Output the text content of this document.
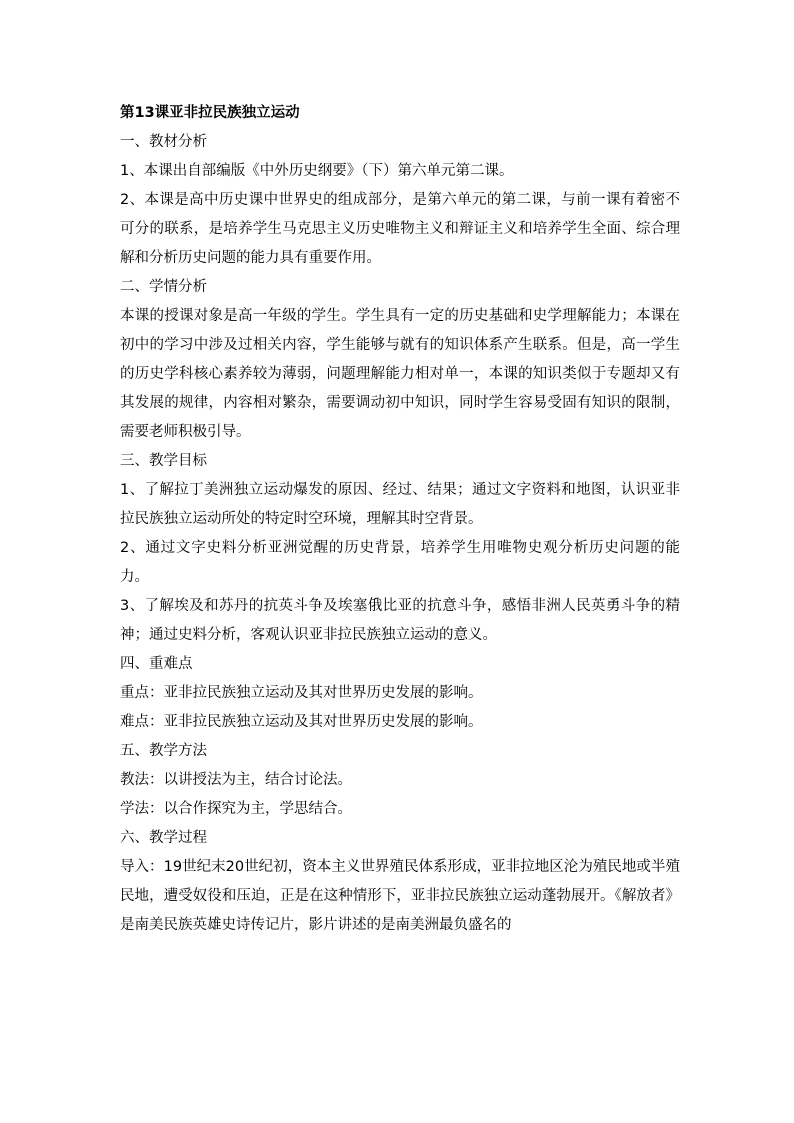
第13课亚非拉民族独立运动

一、教材分析

1、本课出自部编版《中外历史纲要》（下）第六单元第二课。

2、本课是高中历史课中世界史的组成部分，是第六单元的第二课，与前一课有着密不可分的联系，是培养学生马克思主义历史唯物主义和辩证主义和培养学生全面、综合理解和分析历史问题的能力具有重要作用。

二、学情分析

本课的授课对象是高一年级的学生。学生具有一定的历史基础和史学理解能力；本课在初中的学习中涉及过相关内容，学生能够与就有的知识体系产生联系。但是，高一学生的历史学科核心素养较为薄弱，问题理解能力相对单一，本课的知识类似于专题却又有其发展的规律，内容相对繁杂，需要调动初中知识，同时学生容易受固有知识的限制，需要老师积极引导。

三、教学目标

1、了解拉丁美洲独立运动爆发的原因、经过、结果；通过文字资料和地图，认识亚非拉民族独立运动所处的特定时空环境，理解其时空背景。

2、通过文字史料分析亚洲觉醒的历史背景，培养学生用唯物史观分析历史问题的能力。

3、了解埃及和苏丹的抗英斗争及埃塞俄比亚的抗意斗争，感悟非洲人民英勇斗争的精神；通过史料分析，客观认识亚非拉民族独立运动的意义。

四、重难点

重点：亚非拉民族独立运动及其对世界历史发展的影响。

难点：亚非拉民族独立运动及其对世界历史发展的影响。

五、教学方法

教法：以讲授法为主，结合讨论法。

学法：以合作探究为主，学思结合。

六、教学过程

导入：19世纪末20世纪初，资本主义世界殖民体系形成，亚非拉地区沦为殖民地或半殖民地，遭受奴役和压迫，正是在这种情形下，亚非拉民族独立运动蓬勃展开。《解放者》是南美民族英雄史诗传记片，影片讲述的是南美洲最负盛名的
